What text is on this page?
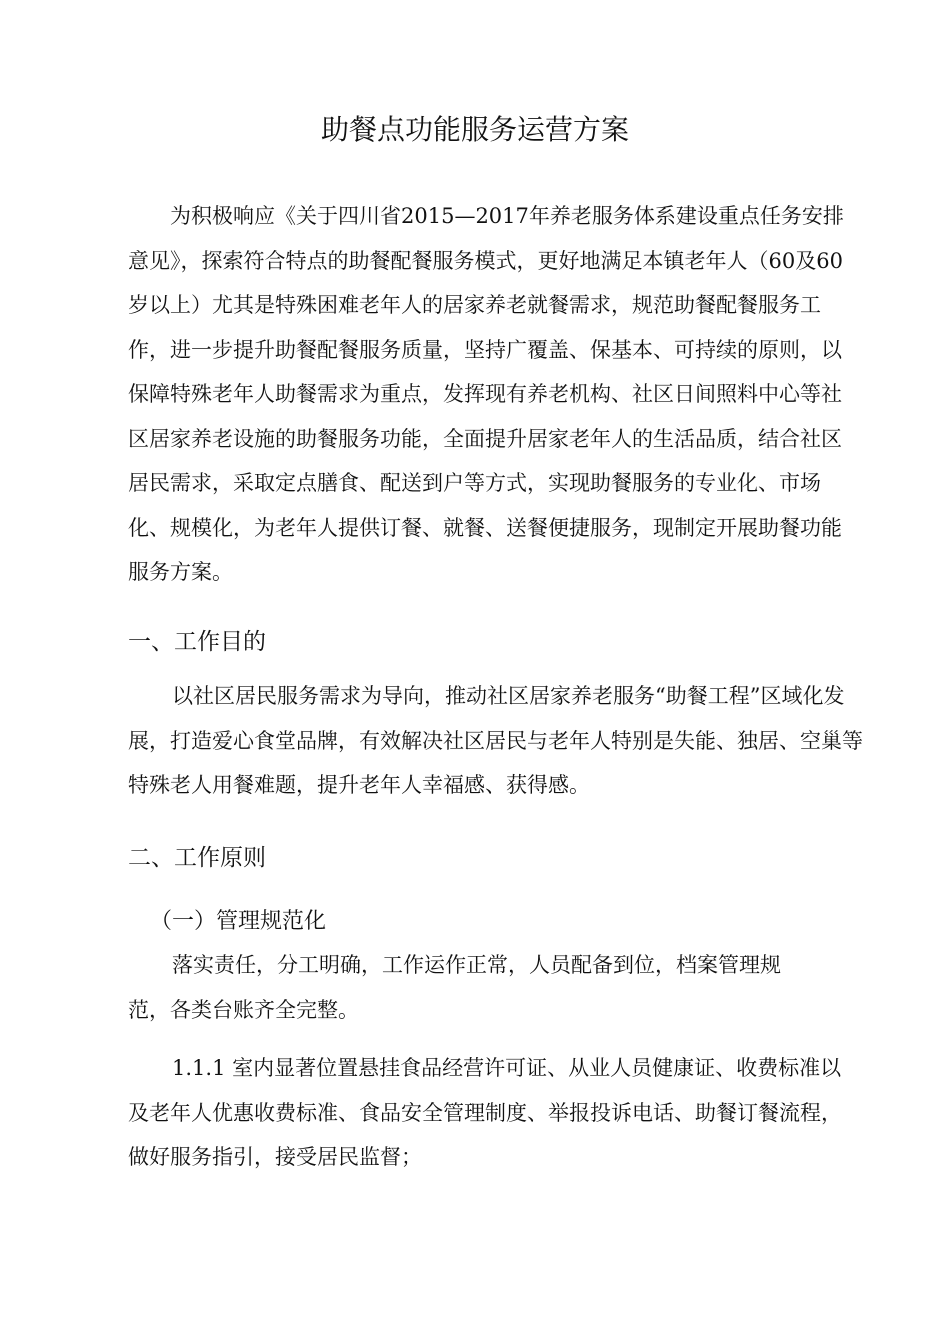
助餐点功能服务运营方案

为积极响应《关于四川省2015—2017年养老服务体系建设重点任务安排意见》，探索符合特点的助餐配餐服务模式，更好地满足本镇老年人（60及60岁以上）尤其是特殊困难老年人的居家养老就餐需求，规范助餐配餐服务工作，进一步提升助餐配餐服务质量，坚持广覆盖、保基本、可持续的原则，以保障特殊老年人助餐需求为重点，发挥现有养老机构、社区日间照料中心等社区居家养老设施的助餐服务功能，全面提升居家老年人的生活品质，结合社区居民需求，采取定点膳食、配送到户等方式，实现助餐服务的专业化、市场化、规模化，为老年人提供订餐、就餐、送餐便捷服务，现制定开展助餐功能服务方案。

一、工作目的

以社区居民服务需求为导向，推动社区居家养老服务“助餐工程”区域化发展，打造爱心食堂品牌，有效解决社区居民与老年人特别是失能、独居、空巢等特殊老人用餐难题，提升老年人幸福感、获得感。

二、工作原则
（一）管理规范化

落实责任，分工明确，工作运作正常，人员配备到位，档案管理规范，各类台账齐全完整。

1.1.1 室内显著位置悬挂食品经营许可证、从业人员健康证、收费标准以及老年人优惠收费标准、食品安全管理制度、举报投诉电话、助餐订餐流程，做好服务指引，接受居民监督；
